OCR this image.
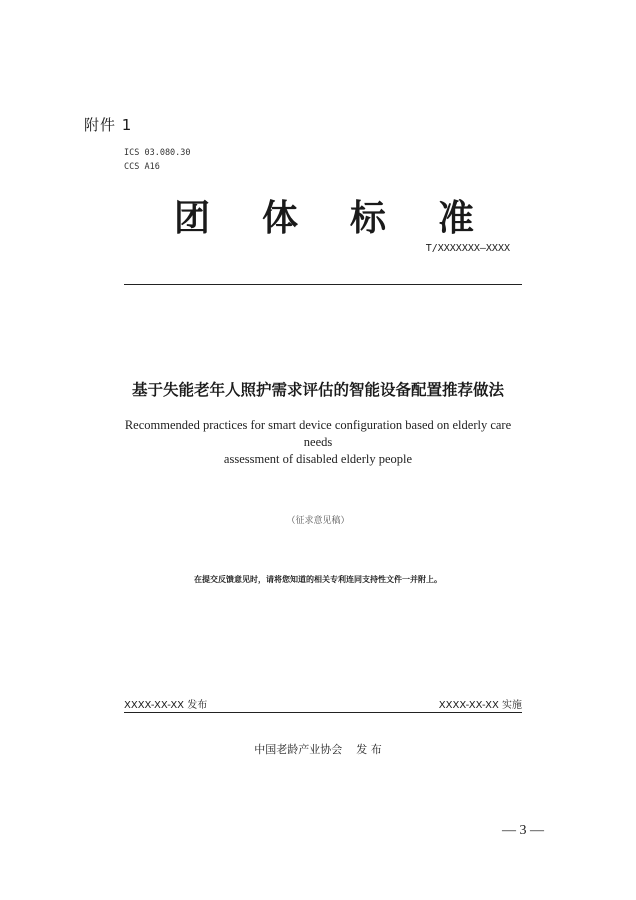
附件 1
ICS 03.080.30
CCS A16
团 体 标 准
T/XXXXXXX—XXXX
基于失能老年人照护需求评估的智能设备配置推荐做法
Recommended practices for smart device configuration based on elderly care needs
assessment of disabled elderly people
（征求意见稿）
在提交反馈意见时，请将您知道的相关专利连同支持性文件一并附上。
XXXX-XX-XX 发布	XXXX-XX-XX 实施
中国老龄产业协会    发 布
— 3 —
